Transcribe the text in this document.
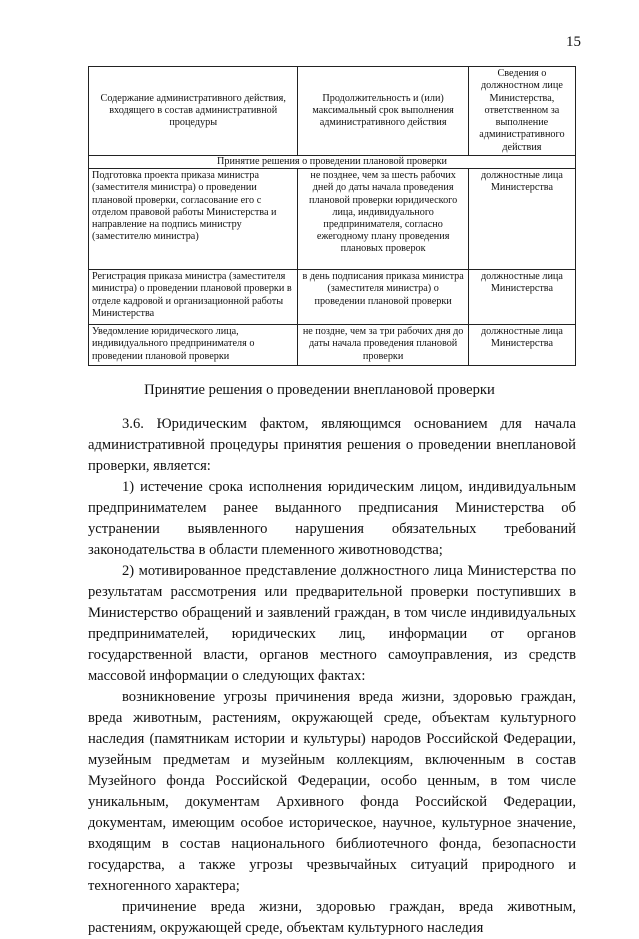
15
Содержание административного действия, входящего в состав административной процедуры	Продолжительность и (или) максимальный срок выполнения административного действия	Сведения о должностном лице Министерства, ответственном за выполнение административного действия
Принятие решения о проведении плановой проверки		
Подготовка проекта приказа министра (заместителя министра) о проведении плановой проверки, согласование его с отделом правовой работы Министерства и направление на подпись министру (заместителю министра)	не позднее, чем за шесть рабочих дней до даты начала проведения плановой проверки юридического лица, индивидуального предпринимателя, согласно ежегодному плану проведения плановых проверок	должностные лица Министерства
Регистрация приказа министра (заместителя министра) о проведении плановой проверки в отделе кадровой и организационной работы Министерства	в день подписания приказа министра (заместителя министра) о проведении плановой проверки	должностные лица Министерства
Уведомление юридического лица, индивидуального предпринимателя о проведении плановой проверки	не поздне, чем за три рабочих дня до даты начала проведения плановой проверки	должностные лица Министерства
Принятие решения о проведении внеплановой проверки

3.6. Юридическим фактом, являющимся основанием для начала административной процедуры принятия решения о проведении внеплановой проверки, является:

1) истечение срока исполнения юридическим лицом, индивидуальным предпринимателем ранее выданного предписания Министерства об устранении выявленного нарушения обязательных требований законодательства в области племенного животноводства;

2) мотивированное представление должностного лица Министерства по результатам рассмотрения или предварительной проверки поступивших в Министерство обращений и заявлений граждан, в том числе индивидуальных предпринимателей, юридических лиц, информации от органов государственной власти, органов местного самоуправления, из средств массовой информации о следующих фактах:

возникновение угрозы причинения вреда жизни, здоровью граждан, вреда животным, растениям, окружающей среде, объектам культурного наследия (памятникам истории и культуры) народов Российской Федерации, музейным предметам и музейным коллекциям, включенным в состав Музейного фонда Российской Федерации, особо ценным, в том числе уникальным, документам Архивного фонда Российской Федерации, документам, имеющим особое историческое, научное, культурное значение, входящим в состав национального библиотечного фонда, безопасности государства, а также угрозы чрезвычайных ситуаций природного и техногенного характера;

причинение вреда жизни, здоровью граждан, вреда животным, растениям, окружающей среде, объектам культурного наследия
